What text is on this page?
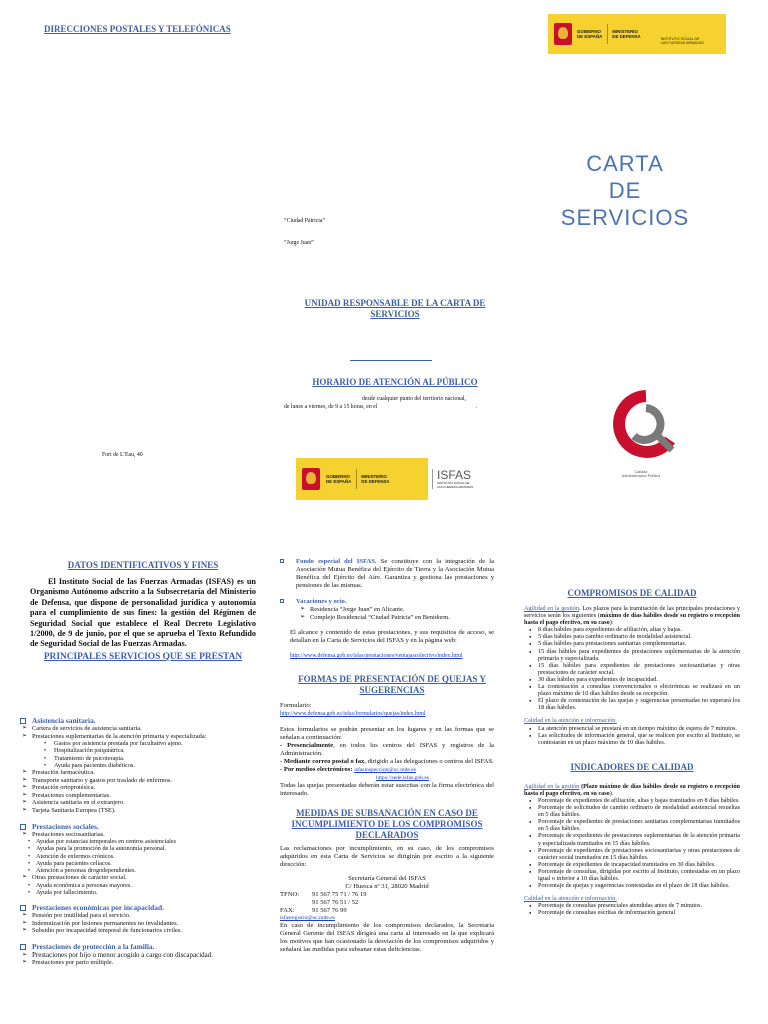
DIRECCIONES POSTALES Y TELEFÓNICAS	GOBIERNO
DE ESPAÑA
MINISTERIO
DE DEFENSA	INSTITUTO SOCIAL DE
LAS FUERZAS ARMADAS
CARTA
DE
SERVICIOS
“Ciudad Patricia”
“Jorge Juan”
UNIDAD RESPONSABLE DE LA CARTA DE SERVICIOS
HORARIO DE ATENCIÓN AL PÚBLICO
desde cualquier punto del territorio nacional,
de lunes a viernes, de 9 a 15 horas, en el	.
Fort de L’Eau, 40
Calidad
Administración Pública
GOBIERNO
DE ESPAÑA
MINISTERIO
DE DEFENSA	ISFAS
INSTITUTO SOCIAL DE
LAS FUERZAS ARMADAS
DATOS IDENTIFICATIVOS Y FINES
El Instituto Social de las Fuerzas Armadas (ISFAS) es un Organismo Autónomo adscrito a la Subsecretaría del Ministerio de Defensa, que dispone de personalidad jurídica y autonomía para el cumplimiento de sus fines: la gestión del Régimen de Seguridad Social que establece el Real Decreto Legislativo 1/2000, de 9 de junio, por el que se aprueba el Texto Refundido de Seguridad Social de las Fuerzas Armadas.
PRINCIPALES SERVICIOS QUE SE PRESTAN
Asistencia sanitaria.
➢ Cartera de servicios de asistencia sanitaria.
➢ Prestaciones suplementarias de la atención primaria y especializada:
• Gastos por asistencia prestada por facultativo ajeno.
• Hospitalización psiquiátrica.
• Tratamiento de psicoterapia.
• Ayuda para pacientes diabéticos.
➢ Prestación farmacéutica.
➢ Transporte sanitario y gastos por traslado de enfermos.
➢ Prestación ortoprotésica.
➢ Prestaciones complementarias.
➢ Asistencia sanitaria en el extranjero.
➢ Tarjeta Sanitaria Europea (TSE).
Prestaciones sociales.
➢ Prestaciones sociosanitarias.
• Ayudas por estancias temporales en centros asistenciales
• Ayudas para la promoción de la autonomía personal.
• Atención de enfermos crónicos.
• Ayuda para pacientes celíacos.
• Atención a personas drogodependientes.
➢ Otras prestaciones de carácter social.
• Ayuda económica a personas mayores.
• Ayuda por fallecimiento.
Prestaciones económicas por incapacidad.
➢ Pensión por inutilidad para el servicio.
➢ Indemnización por lesiones permanentes no invalidantes.
➢ Subsidio por incapacidad temporal de funcionarios civiles.
Prestaciones de protección a la familia.
➢ Prestaciones por hijo o menor acogido a cargo con discapacidad.
➢ Prestaciones por parto múltiple.
Fondo especial del ISFAS. Se constituye con la integración de la Asociación Mutua Benéfica del Ejército de Tierra y la Asociación Mutua Benéfica del Ejército del Aire. Garantiza y gestiona las prestaciones y pensiones de las mismas.
Vacaciones y ocio.
➢ Residencia “Jorge Juan” en Alicante.
➢ Complejo Residencial “Ciudad Patricia” en Benidorm.
El alcance y contenido de estas prestaciones, y sus requisitos de acceso, se detallan en la Carta de Servicios del ISFAS y en la página web:
http://www.defensa.gob.es/isfas/prestaciones/ventajascolectivo/index.html
FORMAS DE PRESENTACIÓN DE QUEJAS Y SUGERENCIAS
Formulario:
http://www.defensa.gob.es/isfas/formularios/quejas/index.html
Estos formularios se podrán presentar en los lugares y en las formas que se señalan a continuación:
- Presencialmente, en todos los centros del ISFAS y registros de la Administración.
- Mediante correo postal o fax, dirigido a las delegaciones o centros del ISFAS.
- Por medios electrónicos: isfasinspeccion@oc.mde.es
https://sede.isfas.gob.es
Todas las quejas presentadas deberán estar suscritas con la firma electrónica del interesado.
MEDIDAS DE SUBSANACIÓN EN CASO DE INCUMPLIMIENTO DE LOS COMPROMISOS DECLARADOS
Las reclamaciones por incumplimiento, en su caso, de los compromisos adquiridos en esta Carta de Servicios se dirigirán por escrito a la siguiente dirección:
Secretaría General del ISFAS
C/ Huesca nº 31, 28020 Madrid
TFNO:	91 567 75 71 / 76 19
91 567 76 51 / 52
FAX:	91 567 76 99
isfasregistro@oc.mde.es
En caso de incumplimiento de los compromisos declarados, la Secretaría General Gerente del ISFAS dirigirá una carta al interesado en la que explicará los motivos que han ocasionado la desviación de los compromisos adquiridos y señalará las medidas para subsanar estas deficiencias.
COMPROMISOS DE CALIDAD
Agilidad en la gestión. Los plazos para la tramitación de las principales prestaciones y servicios serán los siguientes (máximo de días hábiles desde su registro o recepción hasta el pago efectivo, en su caso):
● 8 días hábiles para expedientes de afiliación, altas y bajas.
● 5 días hábiles para cambio ordinario de modalidad asistencial.
● 5 días hábiles para prestaciones sanitarias complementarias.
● 15 días hábiles para expedientes de prestaciones suplementarias de la atención primaria y especializada.
● 15 días hábiles para expedientes de prestaciones sociosanitarias y otras prestaciones de carácter social.
● 30 días hábiles para expedientes de incapacidad.
● La contestación a consultas convencionales o electrónicas se realizará en un plazo máximo de 10 días hábiles desde su recepción.
● El plazo de contestación de las quejas y sugerencias presentadas no superará los 18 días hábiles.
Calidad en la atención e información.
● La atención presencial se prestará en un tiempo máximo de espera de 7 minutos.
● Las solicitudes de información general, que se realicen por escrito al Instituto, se contestarán en un plazo máximo de 10 días hábiles.
INDICADORES DE CALIDAD
Agilidad en la gestión (Plazo máximo de días hábiles desde su registro o recepción hasta el pago efectivo, en su caso).
● Porcentaje de expedientes de afiliación, altas y bajas tramitados en 8 días hábiles.
● Porcentaje de solicitudes de cambio ordinario de modalidad asistencial resueltas en 5 días hábiles.
● Porcentaje de expedientes de prestaciones sanitarias complementarias tramitados en 5 días hábiles.
● Porcentaje de expedientes de prestaciones suplementarias de la atención primaria y especializada tramitados en 15 días hábiles.
● Porcentaje de expedientes de prestaciones sociosanitarias y otras prestaciones de carácter social tramitados en 15 días hábiles.
● Porcentaje de expedientes de incapacidad tramitados en 30 días hábiles.
● Porcentaje de consultas, dirigidas por escrito al Instituto, contestadas en un plazo igual o inferior a 10 días hábiles.
● Porcentaje de quejas y sugerencias contestadas en el plazo de 18 días hábiles.
Calidad en la atención e información.
● Porcentaje de consultas presenciales atendidas antes de 7 minutos.
● Porcentaje de consultas escritas de información general
